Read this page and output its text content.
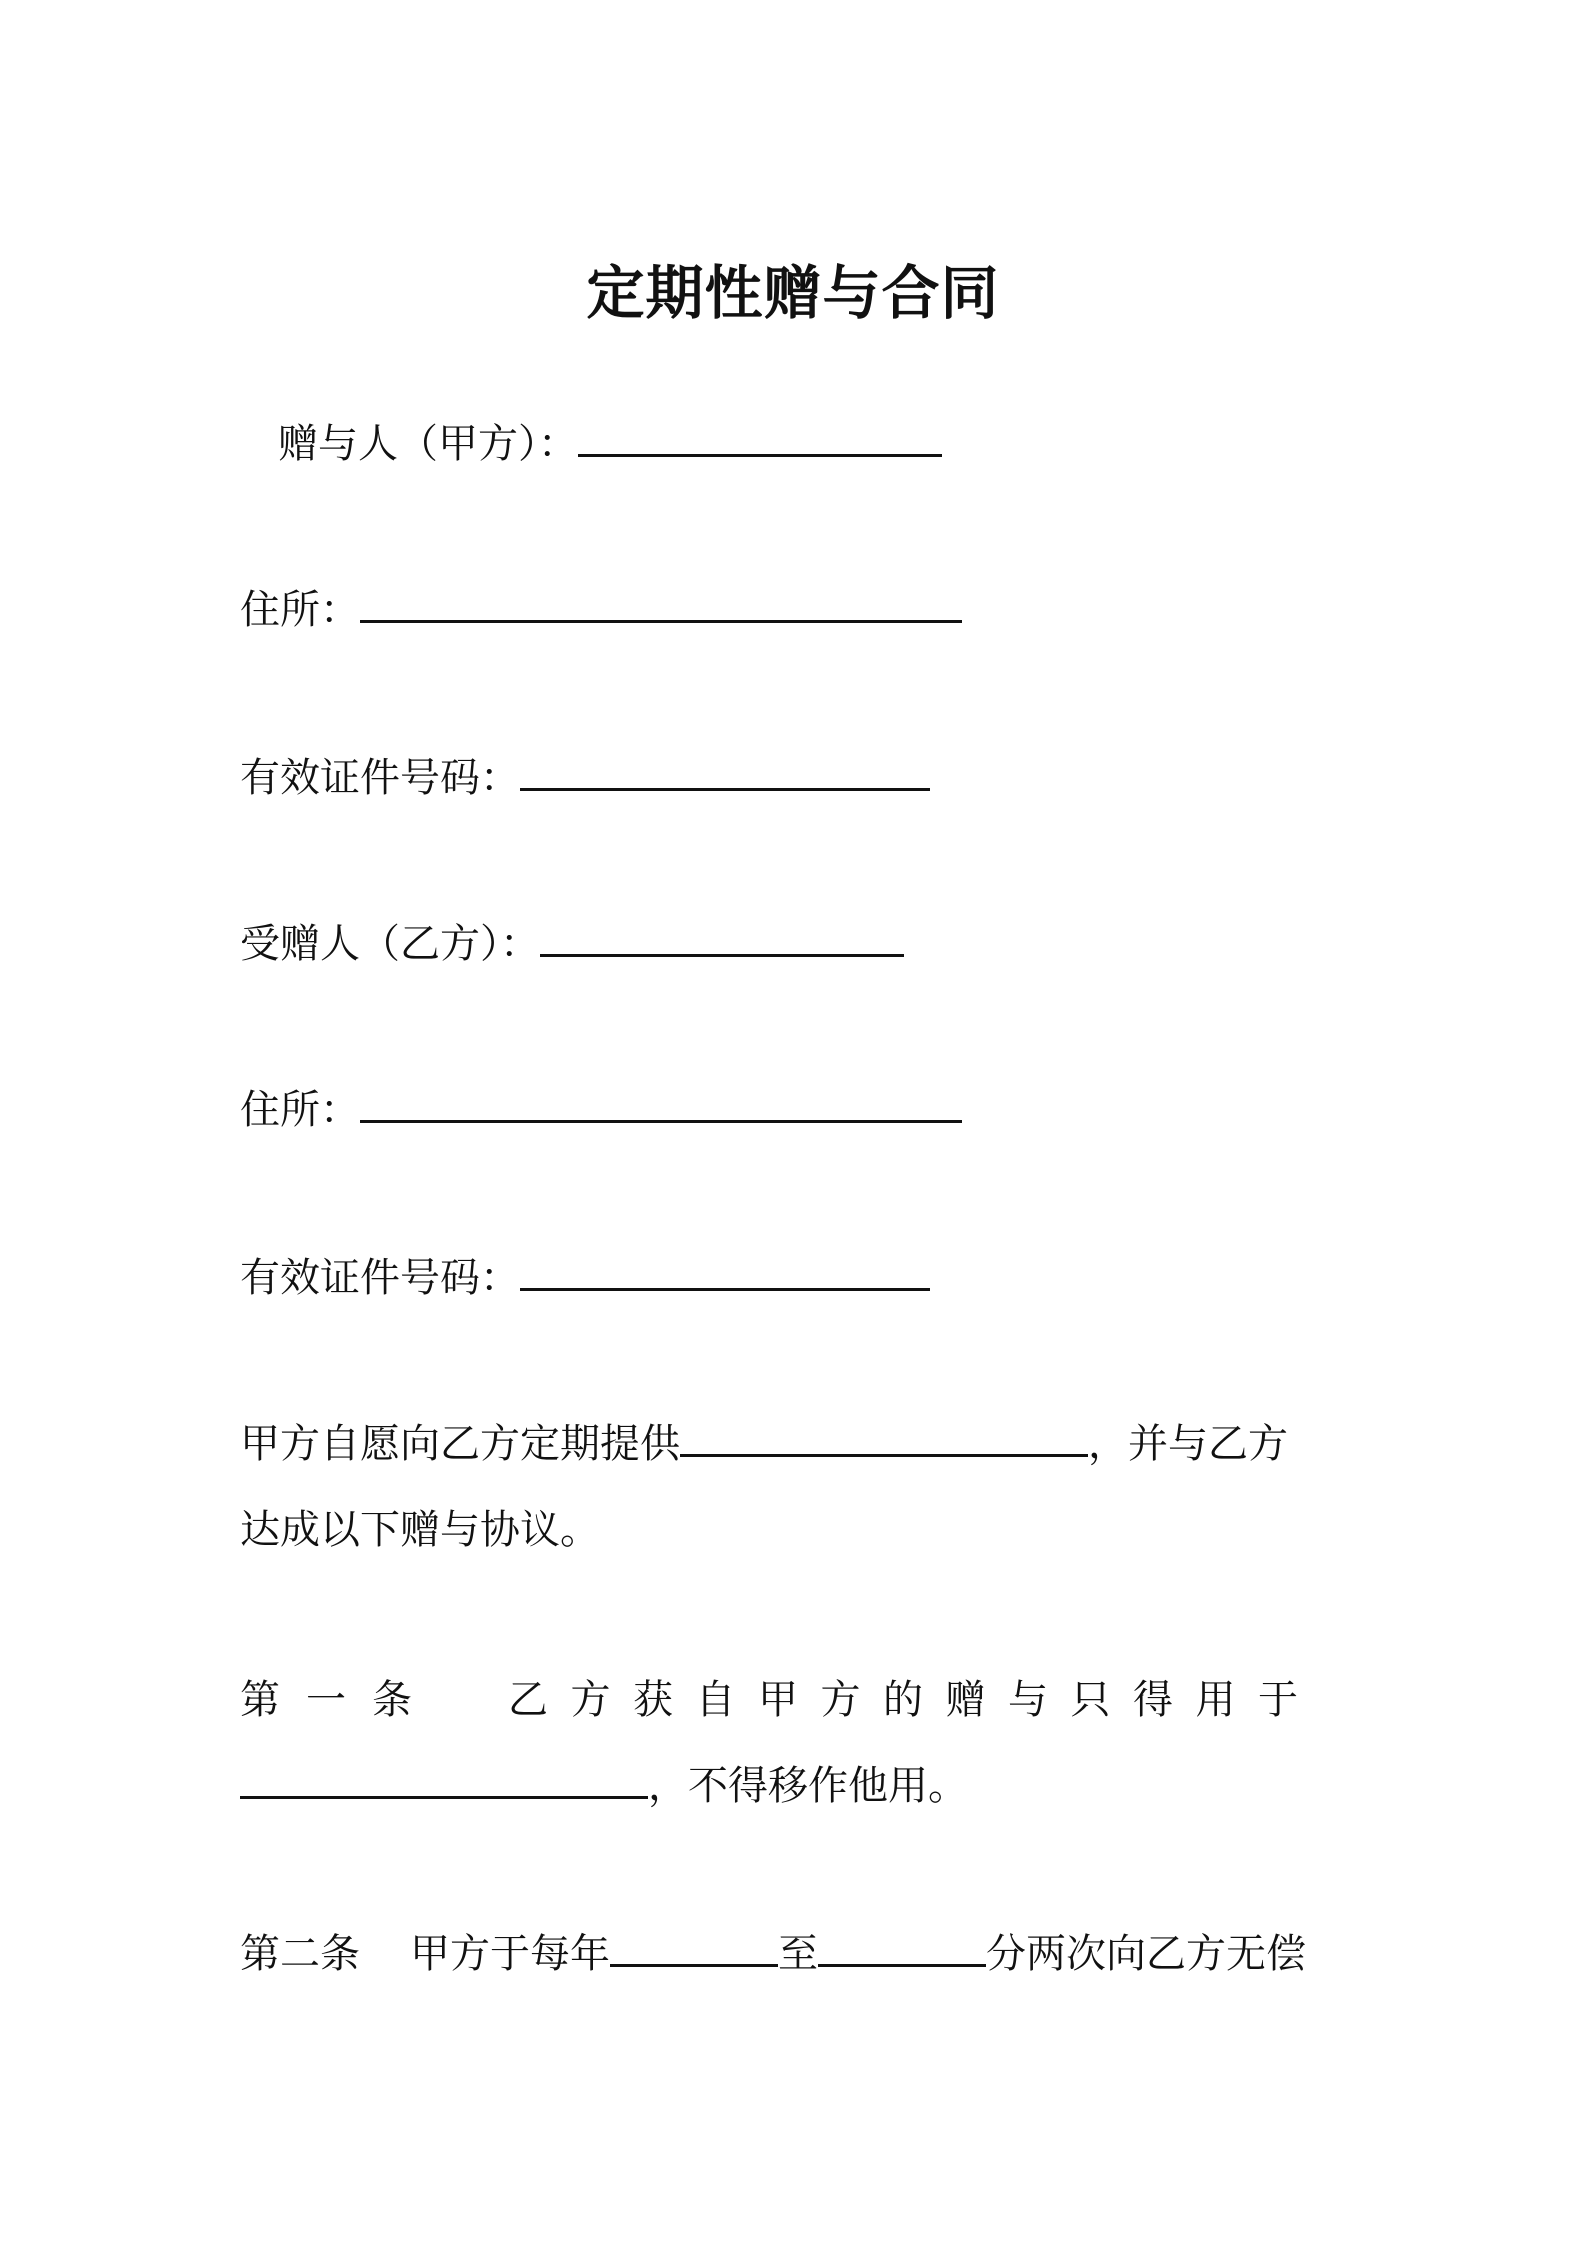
定期性赠与合同
赠与人（甲方）：
住所：
有效证件号码：
受赠人（乙方）：
住所：
有效证件号码：
甲方自愿向乙方定期提供	，并与乙方
达成以下赠与协议。
第一条 乙方获自甲方的赠与只得用于
，不得移作他用。
第二条 甲方于每年	至	分两次向乙方无偿
